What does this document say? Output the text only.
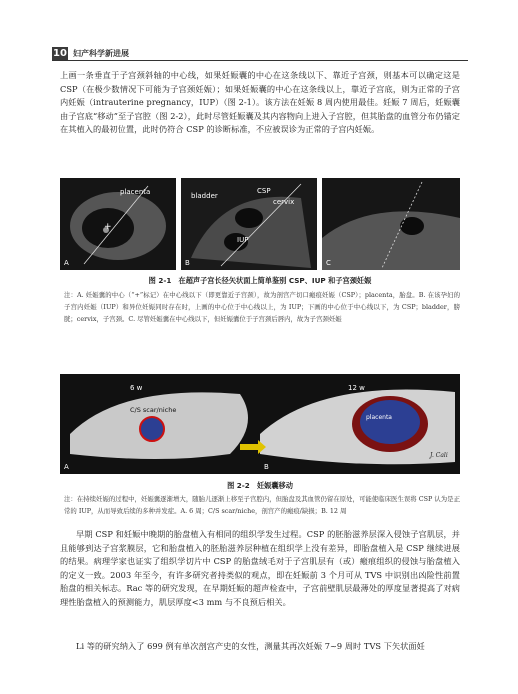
10 妇产科学新进展
上画一条垂直于子宫颈斜轴的中心线，如果妊娠囊的中心在这条线以下、靠近子宫颈，则基本可以确定这是 CSP（在极少数情况下可能为子宫颈妊娠）；如果妊娠囊的中心在这条线以上，靠近子宫底，则为正常的子宫内妊娠（intrauterine pregnancy，IUP）（图 2-1）。该方法在妊娠 8 周内使用最佳。妊娠 7 周后，妊娠囊由子宫底“移动”至子宫腔（图 2-2），此时尽管妊娠囊及其内容物向上进入子宫腔，但其胎盘的血管分布仍锚定在其植入的最初位置，此时仍符合 CSP 的诊断标准，不应被误诊为正常的子宫内妊娠。
placenta
+
A
bladder
CSP
cervix
IUP
B	C
图 2-1　在超声子宫长径矢状面上简单鉴别 CSP、IUP 和子宫颈妊娠
注：A. 妊娠囊的中心（“+”标记）在中心线以下（即更靠近子宫颈），故为剖宫产切口瘢痕妊娠（CSP）；placenta，胎盘。B. 在该孕妇的子宫内妊娠（IUP）和异位妊娠同时存在时，上画的中心位于中心线以上，为 IUP；下画的中心位于中心线以下，为 CSP；bladder，膀胱；cervix，子宫颈。C. 尽管妊娠囊在中心线以下，但妊娠囊位于子宫颈后唇内，故为子宫颈妊娠
6 w
C/S scar/niche
12 w
placenta
J. Cali
A	B
图 2-2　妊娠囊移动
注：在持续妊娠的过程中，妊娠囊逐渐增大，随胎儿逐渐上移至子宫腔内，但胎盘及其血管仍留在原处，可能使临床医生误将 CSP 认为是正常的 IUP，从而导致后续的多种并发症。A. 6 周；C/S scar/niche，剖宫产的瘢痕/缺损；B. 12 周
早期 CSP 和妊娠中晚期的胎盘植入有相同的组织学发生过程。CSP 的胚胎滋养层深入侵蚀子宫肌层，并且能够到达子宫浆膜层，它和胎盘植入的胚胎滋养层种植在组织学上没有差异，即胎盘植入是 CSP 继续进展的结果。病理学家也证实了组织学切片中 CSP 的胎盘绒毛对于子宫肌层有（或）瘢痕组织的侵蚀与胎盘植入的定义一致。2003 年至今，有许多研究者持类似的观点，即在妊娠前 3 个月可从 TVS 中识别出凶险性前置胎盘的相关标志。Rac 等的研究发现，在早期妊娠的超声检查中，子宫前壁肌层最薄处的厚度显著提高了对病理性胎盘植入的预测能力，肌层厚度<3 mm 与不良预后相关。
Li 等的研究纳入了 699 例有单次剖宫产史的女性，测量其再次妊娠 7~9 周时 TVS 下矢状面妊
